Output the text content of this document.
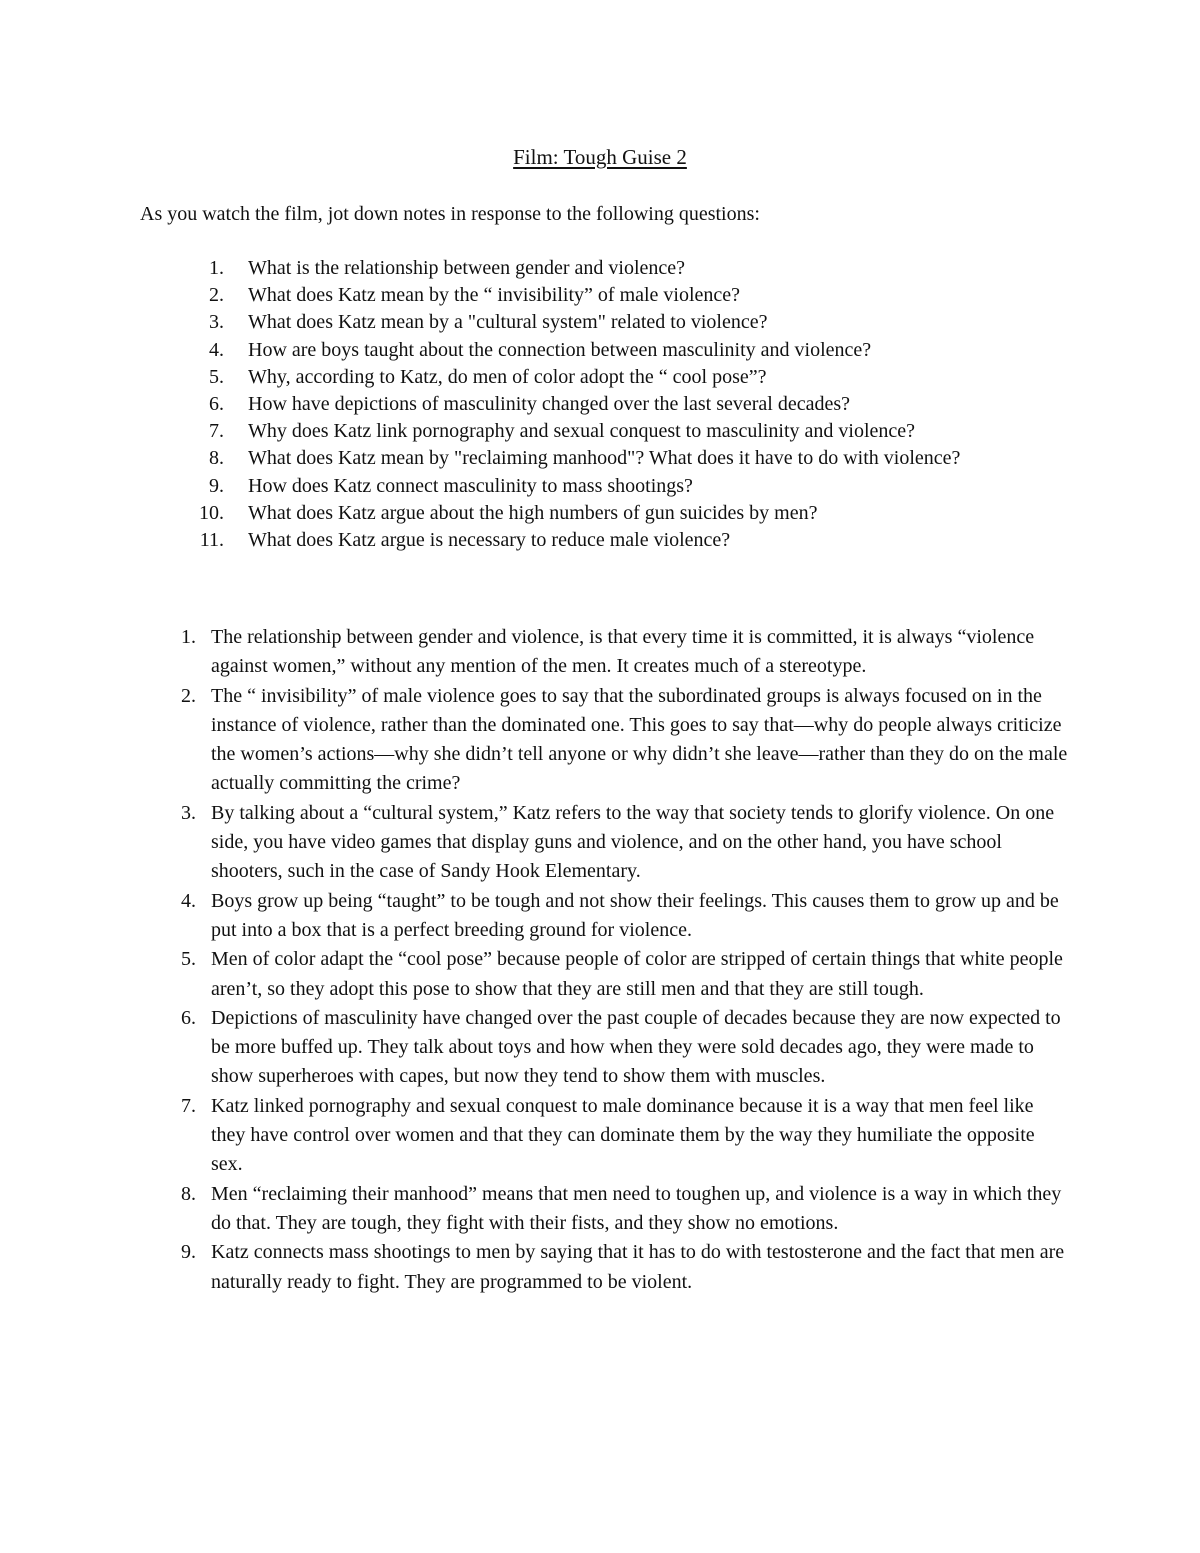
Film: Tough Guise 2
As you watch the film, jot down notes in response to the following questions:
1.	What is the relationship between gender and violence?
2.	What does Katz mean by the “ invisibility” of male violence?
3.	What does Katz mean by a "cultural system" related to violence?
4.	How are boys taught about the connection between masculinity and violence?
5.	Why, according to Katz, do men of color adopt the “ cool pose”?
6.	How have depictions of masculinity changed over the last several decades?
7.	Why does Katz link pornography and sexual conquest to masculinity and violence?
8.	What does Katz mean by "reclaiming manhood"? What does it have to do with violence?
9.	How does Katz connect masculinity to mass shootings?
10.	What does Katz argue about the high numbers of gun suicides by men?
11.	What does Katz argue is necessary to reduce male violence?
1. The relationship between gender and violence, is that every time it is committed, it is always “violence against women,” without any mention of the men. It creates much of a stereotype.
2. The “ invisibility” of male violence goes to say that the subordinated groups is always focused on in the instance of violence, rather than the dominated one. This goes to say that—why do people always criticize the women’s actions—why she didn’t tell anyone or why didn’t she leave—rather than they do on the male actually committing the crime?
3. By talking about a “cultural system,” Katz refers to the way that society tends to glorify violence. On one side, you have video games that display guns and violence, and on the other hand, you have school shooters, such in the case of Sandy Hook Elementary.
4. Boys grow up being “taught” to be tough and not show their feelings. This causes them to grow up and be put into a box that is a perfect breeding ground for violence.
5. Men of color adapt the “cool pose” because people of color are stripped of certain things that white people aren’t, so they adopt this pose to show that they are still men and that they are still tough.
6. Depictions of masculinity have changed over the past couple of decades because they are now expected to be more buffed up. They talk about toys and how when they were sold decades ago, they were made to show superheroes with capes, but now they tend to show them with muscles.
7. Katz linked pornography and sexual conquest to male dominance because it is a way that men feel like they have control over women and that they can dominate them by the way they humiliate the opposite sex.
8. Men “reclaiming their manhood” means that men need to toughen up, and violence is a way in which they do that. They are tough, they fight with their fists, and they show no emotions.
9. Katz connects mass shootings to men by saying that it has to do with testosterone and the fact that men are naturally ready to fight. They are programmed to be violent.
